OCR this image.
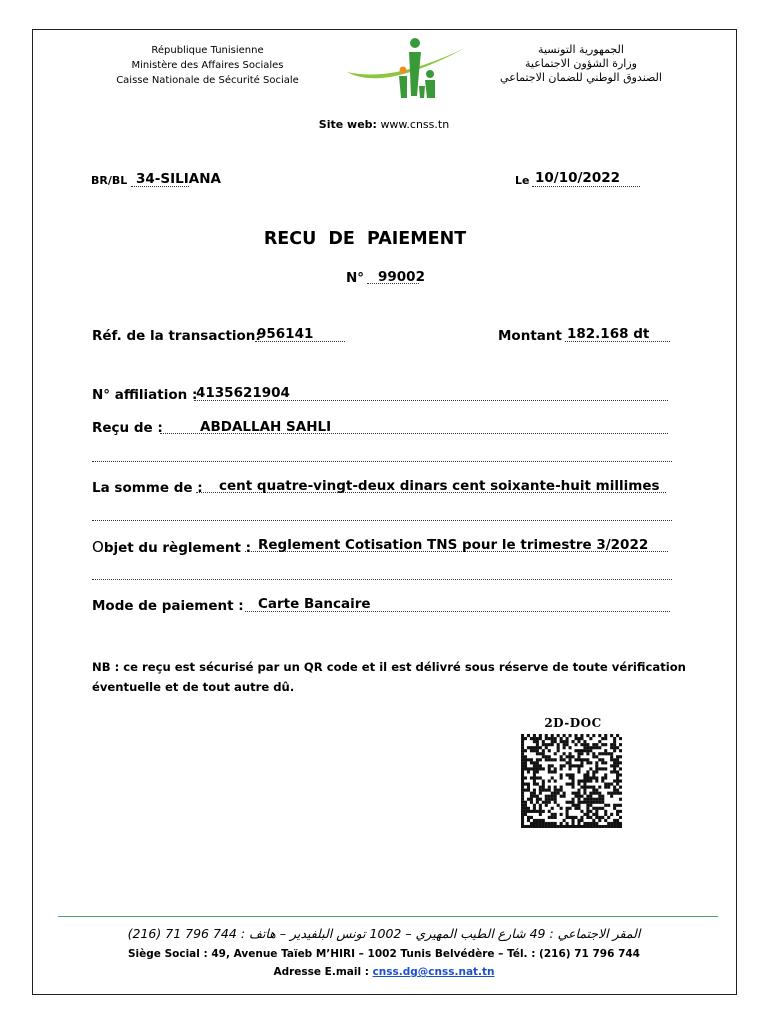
République Tunisienne
Ministère des Affaires Sociales
Caisse Nationale de Sécurité Sociale
الجمهورية التونسية
وزارة الشؤون الاجتماعية
الصندوق الوطني للضمان الاجتماعي
Site web: www.cnss.tn
BR/BL 34-SILIANA	Le 10/10/2022
RECU DE PAIEMENT
N° 99002
Réf. de la transaction:
956141	Montant 182.168 dt
N° affiliation :
4135621904
Reçu de :	ABDALLAH SAHLI
La somme de : cent quatre-vingt-deux dinars cent soixante-huit millimes
Objet du règlement : Reglement Cotisation TNS pour le trimestre 3/2022
Mode de paiement : Carte Bancaire
NB : ce reçu est sécurisé par un QR code et il est délivré sous réserve de toute vérification éventuelle et de tout autre dû.
2D-DOC
المقر الاجتماعي : 49 شارع الطيب المهيري – 1002 تونس البلفيدير – هاتف : 744 796 71 (216)
Siège Social : 49, Avenue Taïeb M’HIRI – 1002 Tunis Belvédère – Tél. : (216) 71 796 744
Adresse E.mail : cnss.dg@cnss.nat.tn
